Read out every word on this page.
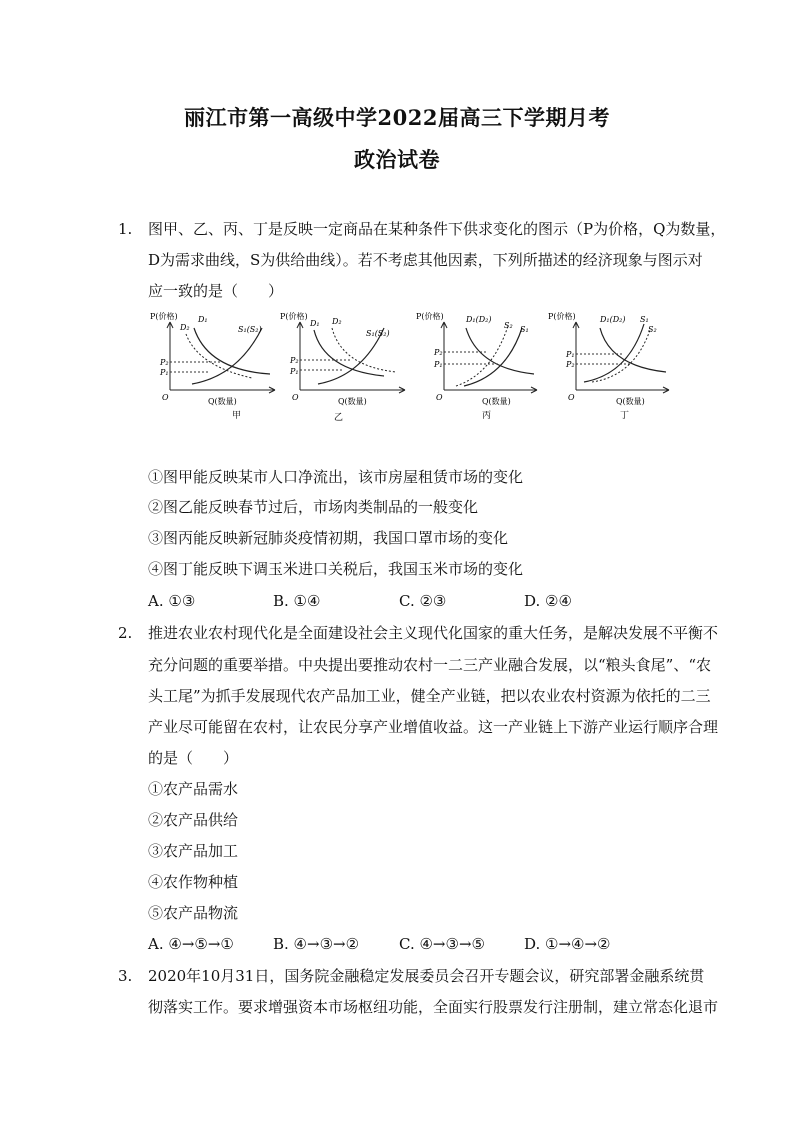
丽江市第一高级中学2022届高三下学期月考
政治试卷
1. 图甲、乙、丙、丁是反映一定商品在某种条件下供求变化的图示（P为价格，Q为数量，
D为需求曲线，S为供给曲线）。若不考虑其他因素，下列所描述的经济现象与图示对
应一致的是（　　）
P(价格)
Q(数量)
O
D₁
D₂	S₁(S₂)
P₂
P₁
甲
P(价格)
Q(数量)
O
D₁ D₂
S₁(S₂)
P₂
P₁
乙
P(价格)
Q(数量)
O
D₁(D₂)
S₂ S₁
P₂
P₁
丙
P(价格)
Q(数量)
O
D₁(D₂) S₁
S₂
P₁
P₂
丁
①图甲能反映某市人口净流出，该市房屋租赁市场的变化
②图乙能反映春节过后，市场肉类制品的一般变化
③图丙能反映新冠肺炎疫情初期，我国口罩市场的变化
④图丁能反映下调玉米进口关税后，我国玉米市场的变化
A. ①③	B. ①④	C. ②③	D. ②④
2. 推进农业农村现代化是全面建设社会主义现代化国家的重大任务，是解决发展不平衡不
充分问题的重要举措。中央提出要推动农村一二三产业融合发展，以“粮头食尾”、“农
头工尾”为抓手发展现代农产品加工业，健全产业链，把以农业农村资源为依托的二三
产业尽可能留在农村，让农民分享产业增值收益。这一产业链上下游产业运行顺序合理
的是（　　）
①农产品需水
②农产品供给
③农产品加工
④农作物种植
⑤农产品物流
A. ④→⑤→①	B. ④→③→②	C. ④→③→⑤	D. ①→④→②
3. 2020年10月31日，国务院金融稳定发展委员会召开专题会议，研究部署金融系统贯
彻落实工作。要求增强资本市场枢纽功能，全面实行股票发行注册制，建立常态化退市
